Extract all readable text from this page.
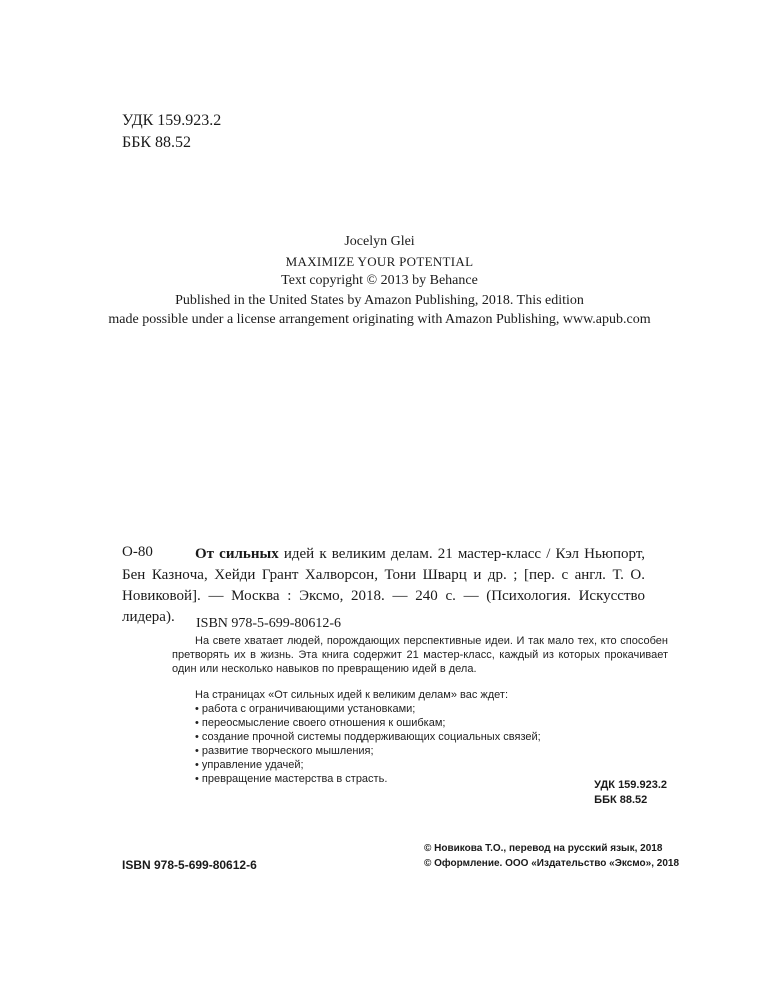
УДК 159.923.2
ББК 88.52
Jocelyn Glei
MAXIMIZE YOUR POTENTIAL
Text copyright © 2013 by Behance
Published in the United States by Amazon Publishing, 2018. This edition
made possible under a license arrangement originating with Amazon Publishing, www.apub.com
О-80	От сильных идей к великим делам. 21 мастер-класс / Кэл Ньюпорт, Бен Казнoча, Хейди Грант Халворсон, Тони Шварц и др. ; [пер. с англ. Т. О. Новиковой]. — Москва : Эксмо, 2018. — 240 с. — (Психология. Искусство лидера).	ISBN 978-5-699-80612-6

На свете хватает людей, порождающих перспективные идеи. И так мало тех, кто способен претворять их в жизнь. Эта книга содержит 21 мастер-класс, каждый из которых прокачивает один или несколько навыков по превращению идей в дела.

На страницах «От сильных идей к великим делам» вас ждет:
• работа с ограничивающими установками;
• переосмысление своего отношения к ошибкам;
• создание прочной системы поддерживающих социальных связей;
• развитие творческого мышления;
• управление удачей;
• превращение мастерства в страсть.	УДК 159.923.2
ББК 88.52
ISBN 978-5-699-80612-6
© Новикова Т.О., перевод на русский язык, 2018
© Оформление. ООО «Издательство «Эксмо», 2018
